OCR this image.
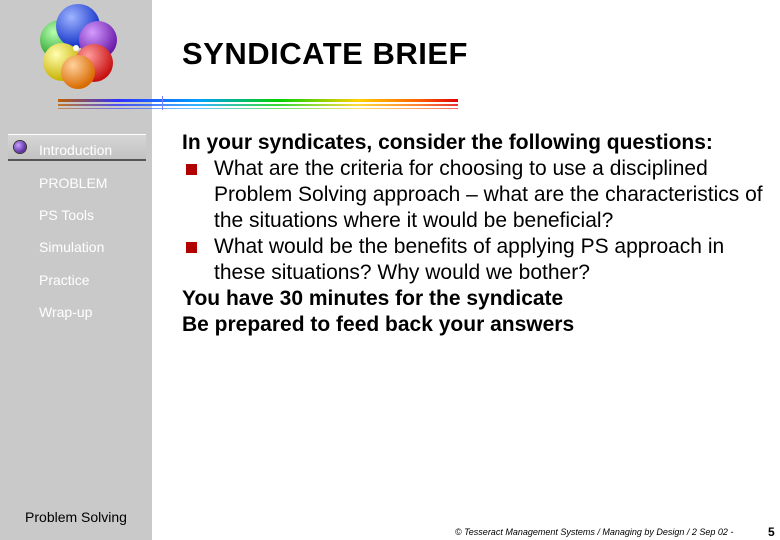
SYNDICATE BRIEF
Introduction
PROBLEM
PS Tools
Simulation
Practice
Wrap-up
Problem Solving
In your syndicates, consider the following questions:
What are the criteria for choosing to use a disciplined Problem Solving approach – what are the characteristics of the situations where it would be beneficial?
What would be the benefits of applying PS approach in these situations? Why would we bother?
You have 30 minutes for the syndicate
Be prepared to feed back your answers
© Tesseract Management Systems / Managing by Design / 2 Sep 02 -	5
